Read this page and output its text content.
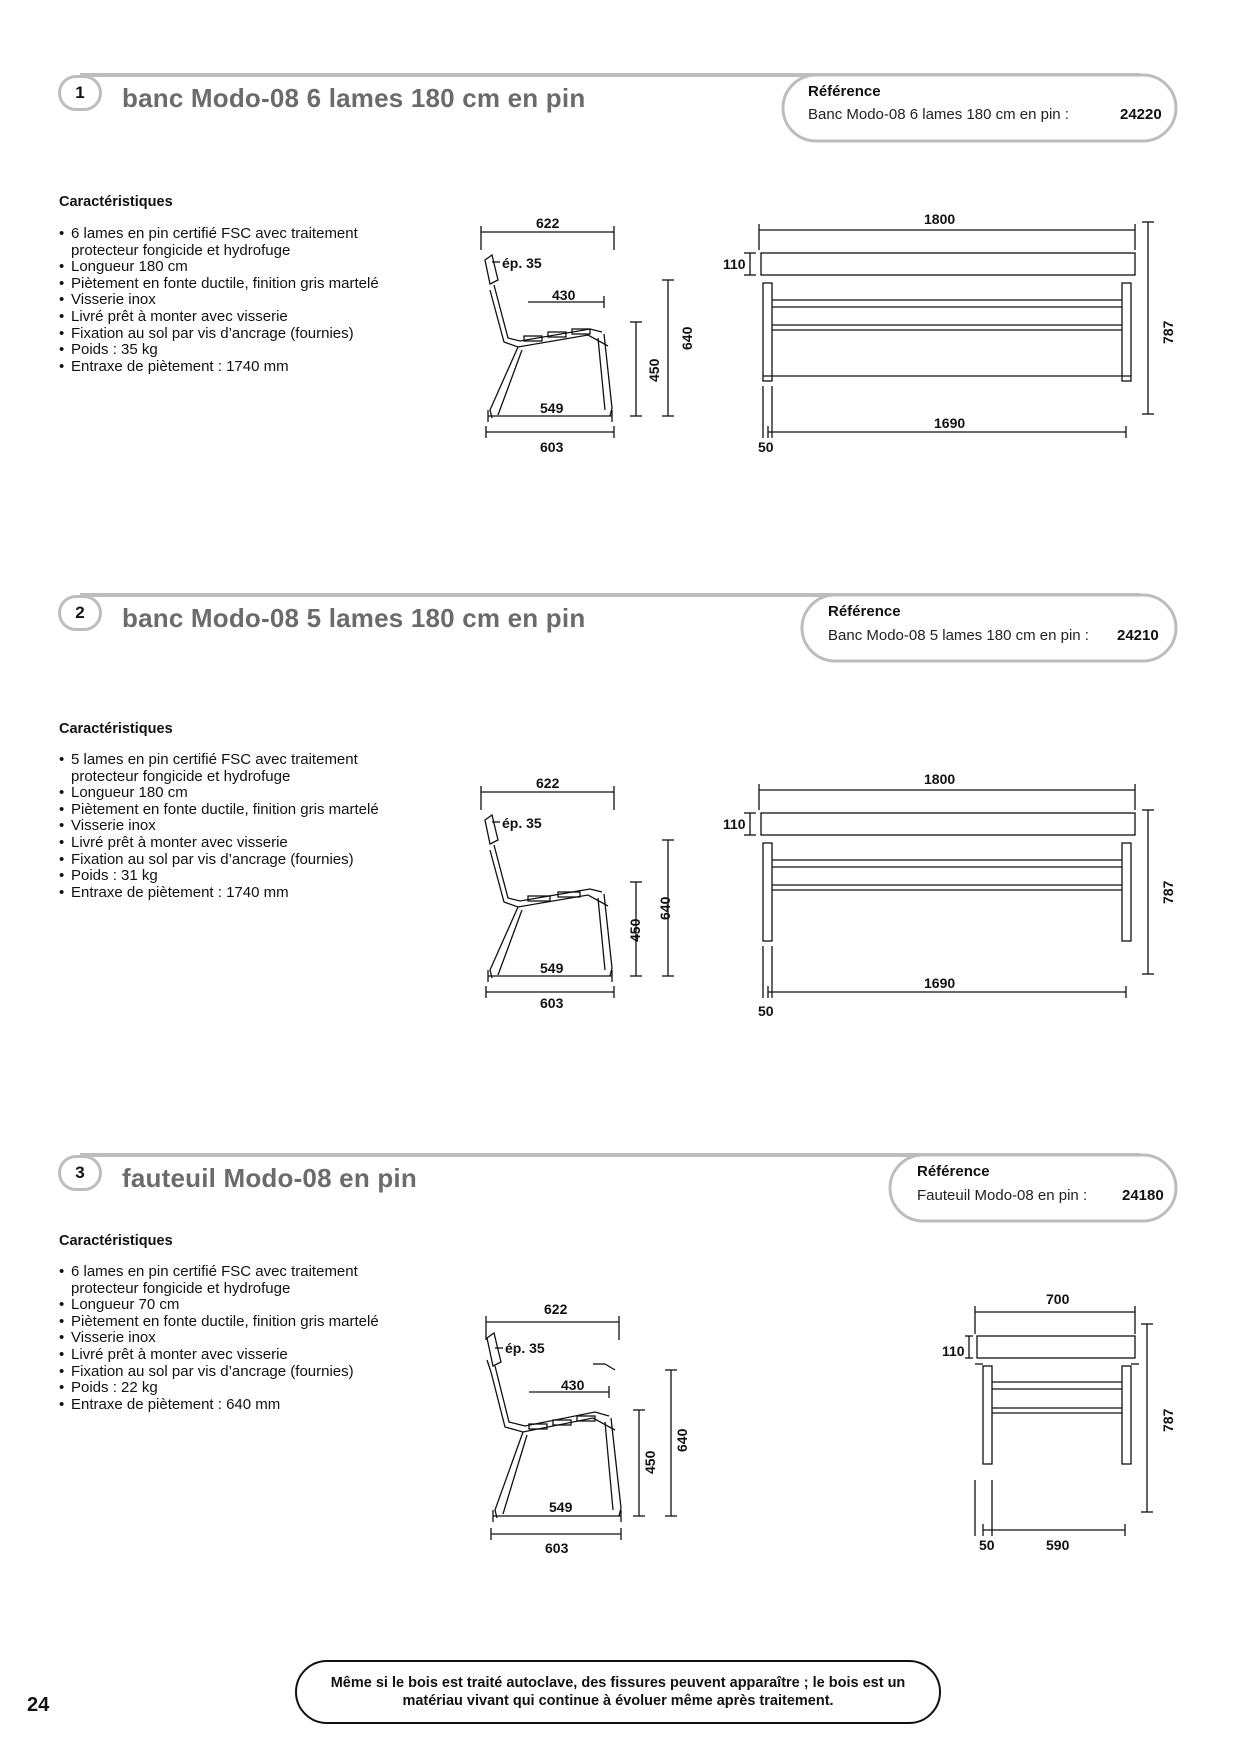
1	banc Modo-08 6 lames 180 cm en pin	Référence
Banc Modo-08 6 lames 180 cm en pin :	24220
Caractéristiques
• 6 lames en pin certifié FSC avec traitement
protecteur fongicide et hydrofuge
• Longueur 180 cm
• Piètement en fonte ductile, finition gris martelé
• Visserie inox
• Livré prêt à monter avec visserie
• Fixation au sol par vis d’ancrage (fournies)
• Poids : 35 kg
• Entraxe de piètement : 1740 mm
622
ép. 35
430
549
603
450
640
1800
110
1690
50
787
2	banc Modo-08 5 lames 180 cm en pin	Référence
Banc Modo-08 5 lames 180 cm en pin : 24210
Caractéristiques
• 5 lames en pin certifié FSC avec traitement
protecteur fongicide et hydrofuge
• Longueur 180 cm
• Piètement en fonte ductile, finition gris martelé
• Visserie inox
• Livré prêt à monter avec visserie
• Fixation au sol par vis d’ancrage (fournies)
• Poids : 31 kg
• Entraxe de piètement : 1740 mm
622
ép. 35
549
603
450
640
1800
110
1690
50
787
3	fauteuil Modo-08 en pin	Référence
Fauteuil Modo-08 en pin : 24180
Caractéristiques
• 6 lames en pin certifié FSC avec traitement
protecteur fongicide et hydrofuge
• Longueur 70 cm
• Piètement en fonte ductile, finition gris martelé
• Visserie inox
• Livré prêt à monter avec visserie
• Fixation au sol par vis d’ancrage (fournies)
• Poids : 22 kg
• Entraxe de piètement : 640 mm
622
ép. 35
430
549
603
450
640
700
110
50	590
787
Même si le bois est traité autoclave, des fissures peuvent apparaître ; le bois est un matériau vivant qui continue à évoluer même après traitement.
24
